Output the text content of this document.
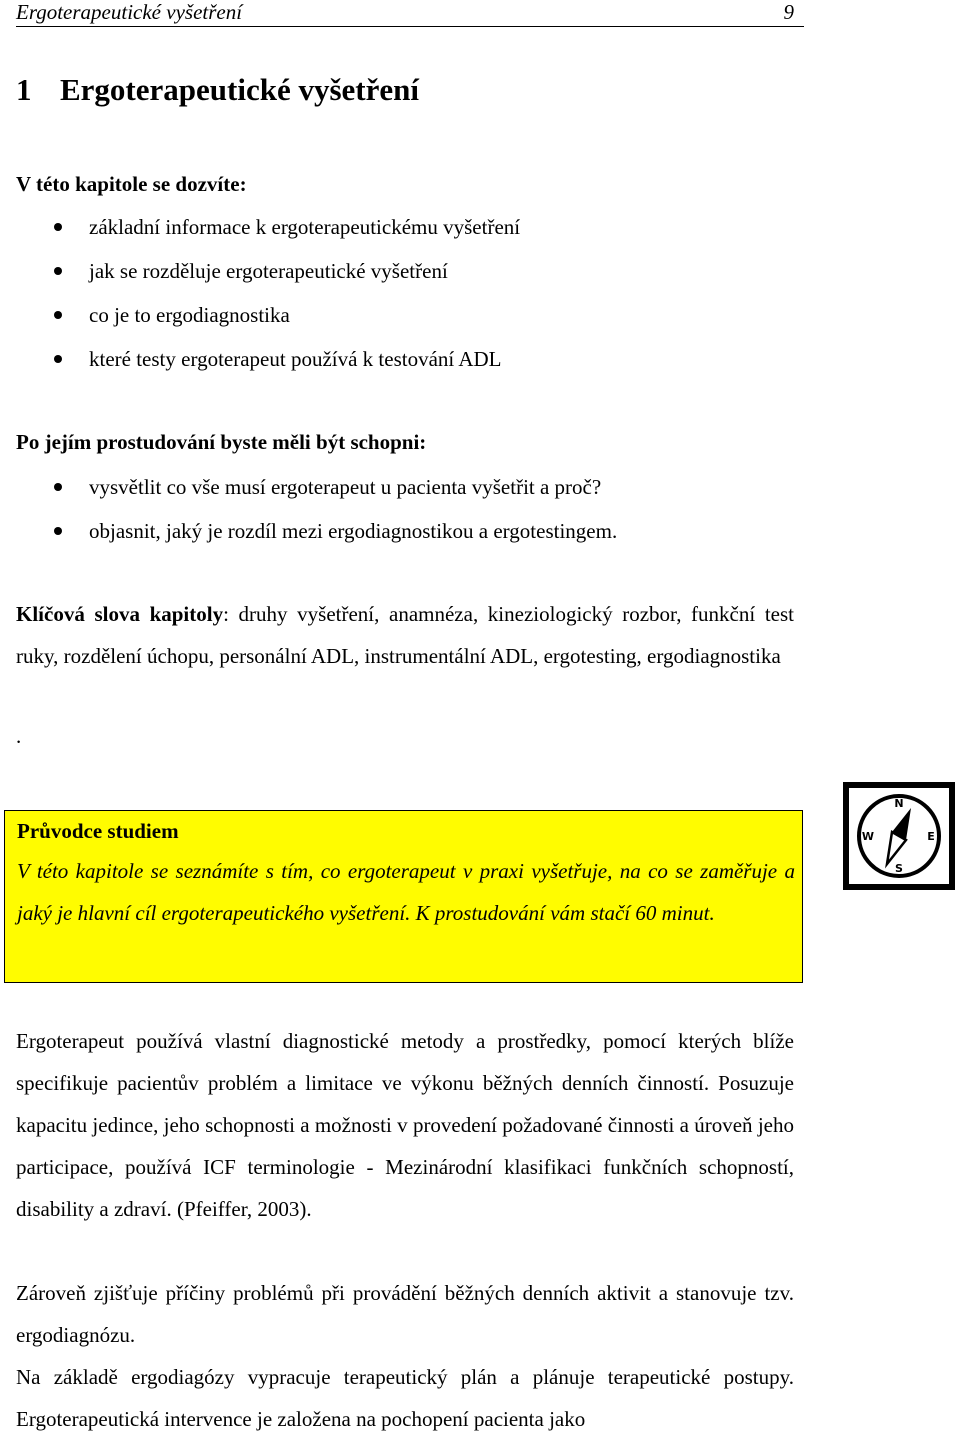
Ergoterapeutické vyšetření	9
1 Ergoterapeutické vyšetření

V této kapitole se dozvíte:

základní informace k ergoterapeutickému vyšetření
jak se rozděluje ergoterapeutické vyšetření
co je to ergodiagnostika
které testy ergoterapeut používá k testování ADL

Po jejím prostudování byste měli být schopni:

vysvětlit co vše musí ergoterapeut u pacienta vyšetřit a proč?
objasnit, jaký je rozdíl mezi ergodiagnostikou a ergotestingem.

Klíčová slova kapitoly: druhy vyšetření, anamnéza, kineziologický rozbor, funkční test ruky, rozdělení úchopu, personální ADL, instrumentální ADL, ergotesting, ergodiagnostika

.

Průvodce studiem

V této kapitole se seznámíte s tím, co ergoterapeut v praxi vyšetřuje, na co se zaměřuje a jaký je hlavní cíl ergoterapeutického vyšetření. K prostudování vám stačí 60 minut.

N
W	E
S

Ergoterapeut používá vlastní diagnostické metody a prostředky, pomocí kterých blíže specifikuje pacientův problém a limitace ve výkonu běžných denních činností. Posuzuje kapacitu jedince, jeho schopnosti a možnosti v provedení požadované činnosti a úroveň jeho participace, používá ICF terminologie - Mezinárodní klasifikaci funkčních schopností, disability a zdraví. (Pfeiffer, 2003).

Zároveň zjišťuje příčiny problémů při provádění běžných denních aktivit a stanovuje tzv. ergodiagnózu.

Na základě ergodiagózy vypracuje terapeutický plán a plánuje terapeutické postupy. Ergoterapeutická intervence je založena na pochopení pacienta jako
